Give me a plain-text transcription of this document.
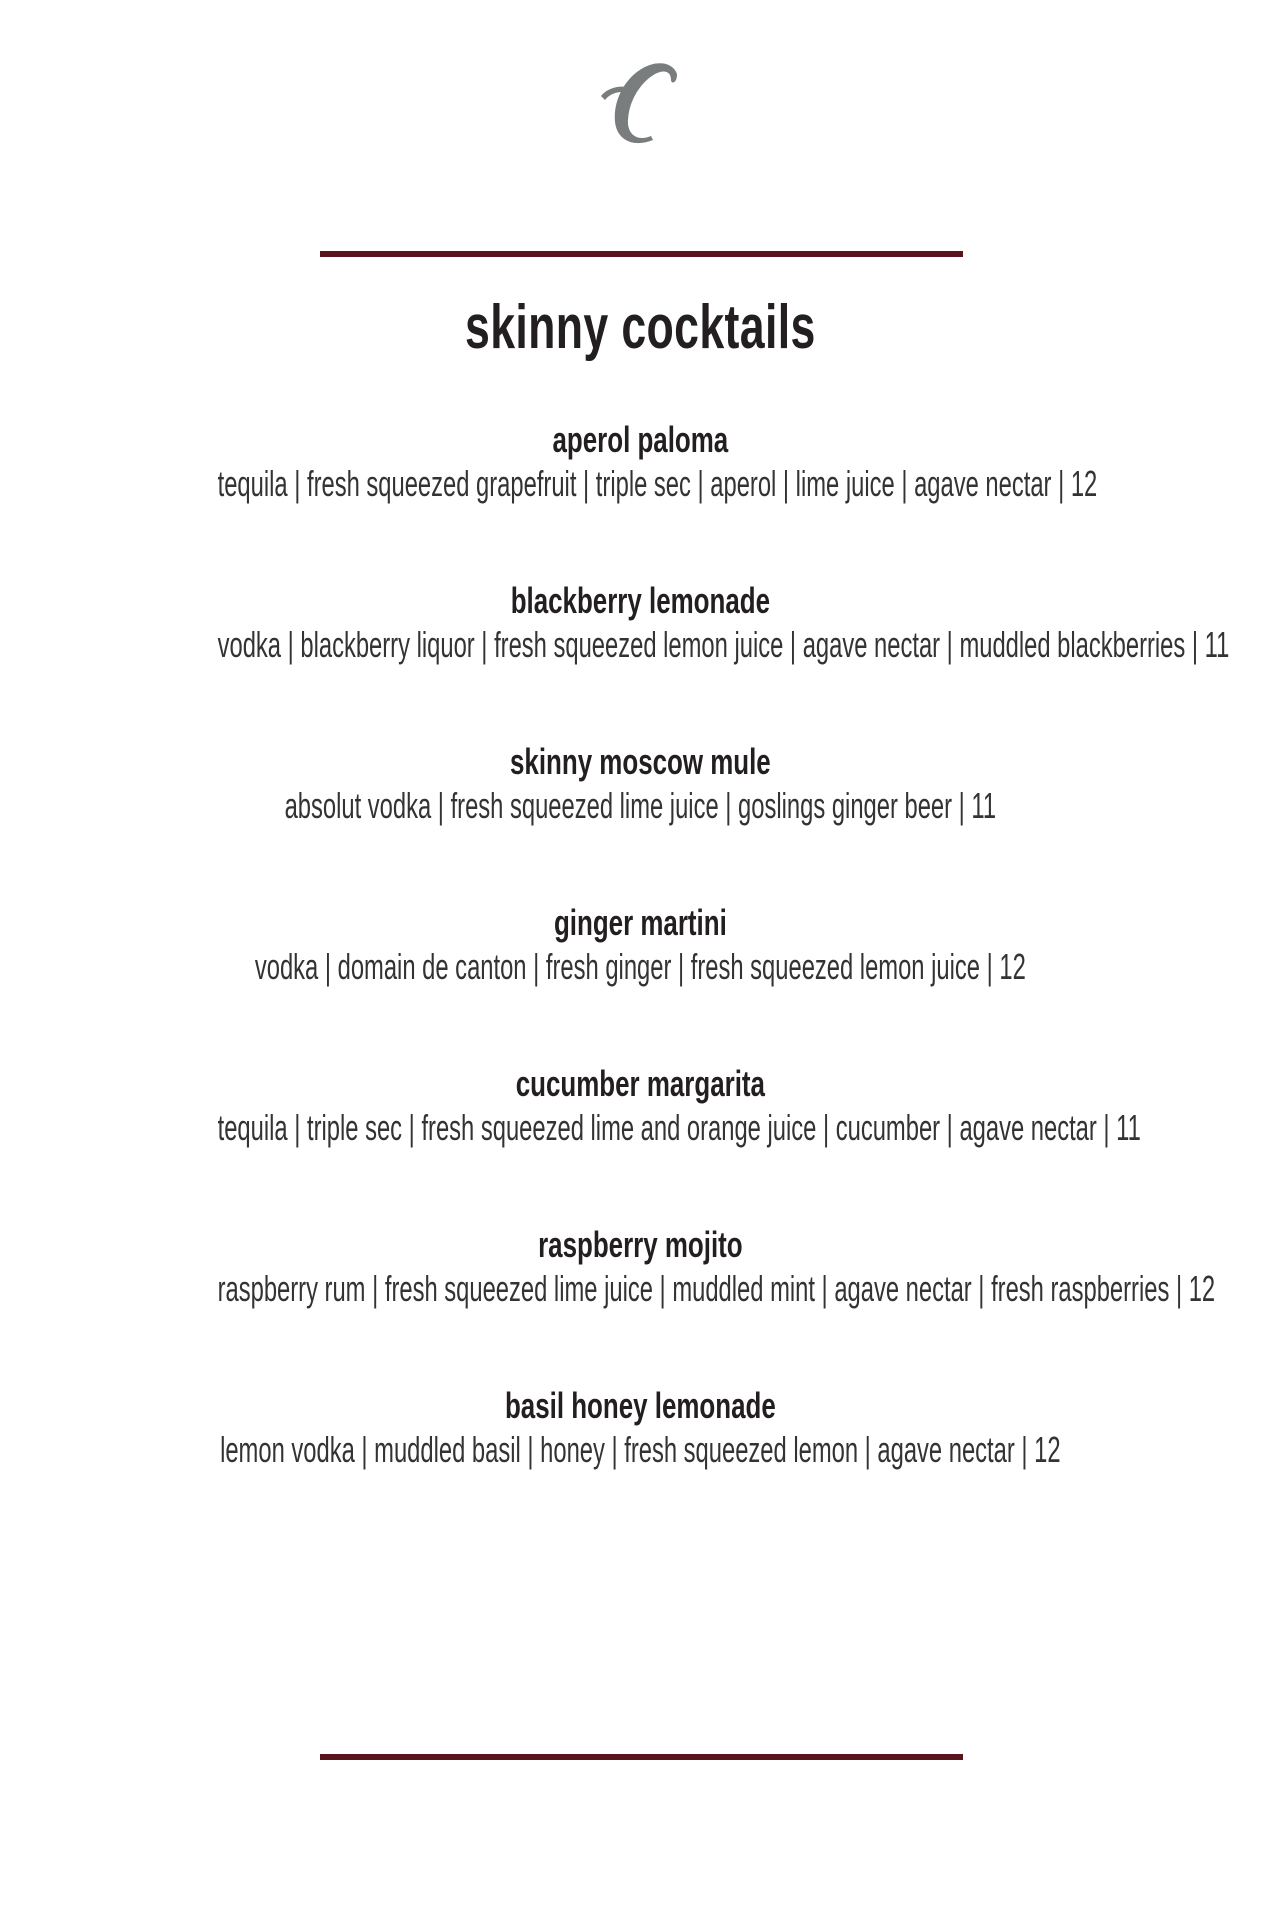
skinny cocktails
aperol paloma
tequila | fresh squeezed grapefruit | triple sec | aperol | lime juice | agave nectar | 12
blackberry lemonade
vodka | blackberry liquor | fresh squeezed lemon juice | agave nectar | muddled blackberries | 11
skinny moscow mule
absolut vodka | fresh squeezed lime juice | goslings ginger beer | 11
ginger martini
vodka | domain de canton | fresh ginger | fresh squeezed lemon juice | 12
cucumber margarita
tequila | triple sec | fresh squeezed lime and orange juice | cucumber | agave nectar | 11
raspberry mojito
raspberry rum | fresh squeezed lime juice | muddled mint | agave nectar | fresh raspberries | 12
basil honey lemonade
lemon vodka | muddled basil | honey | fresh squeezed lemon | agave nectar | 12
